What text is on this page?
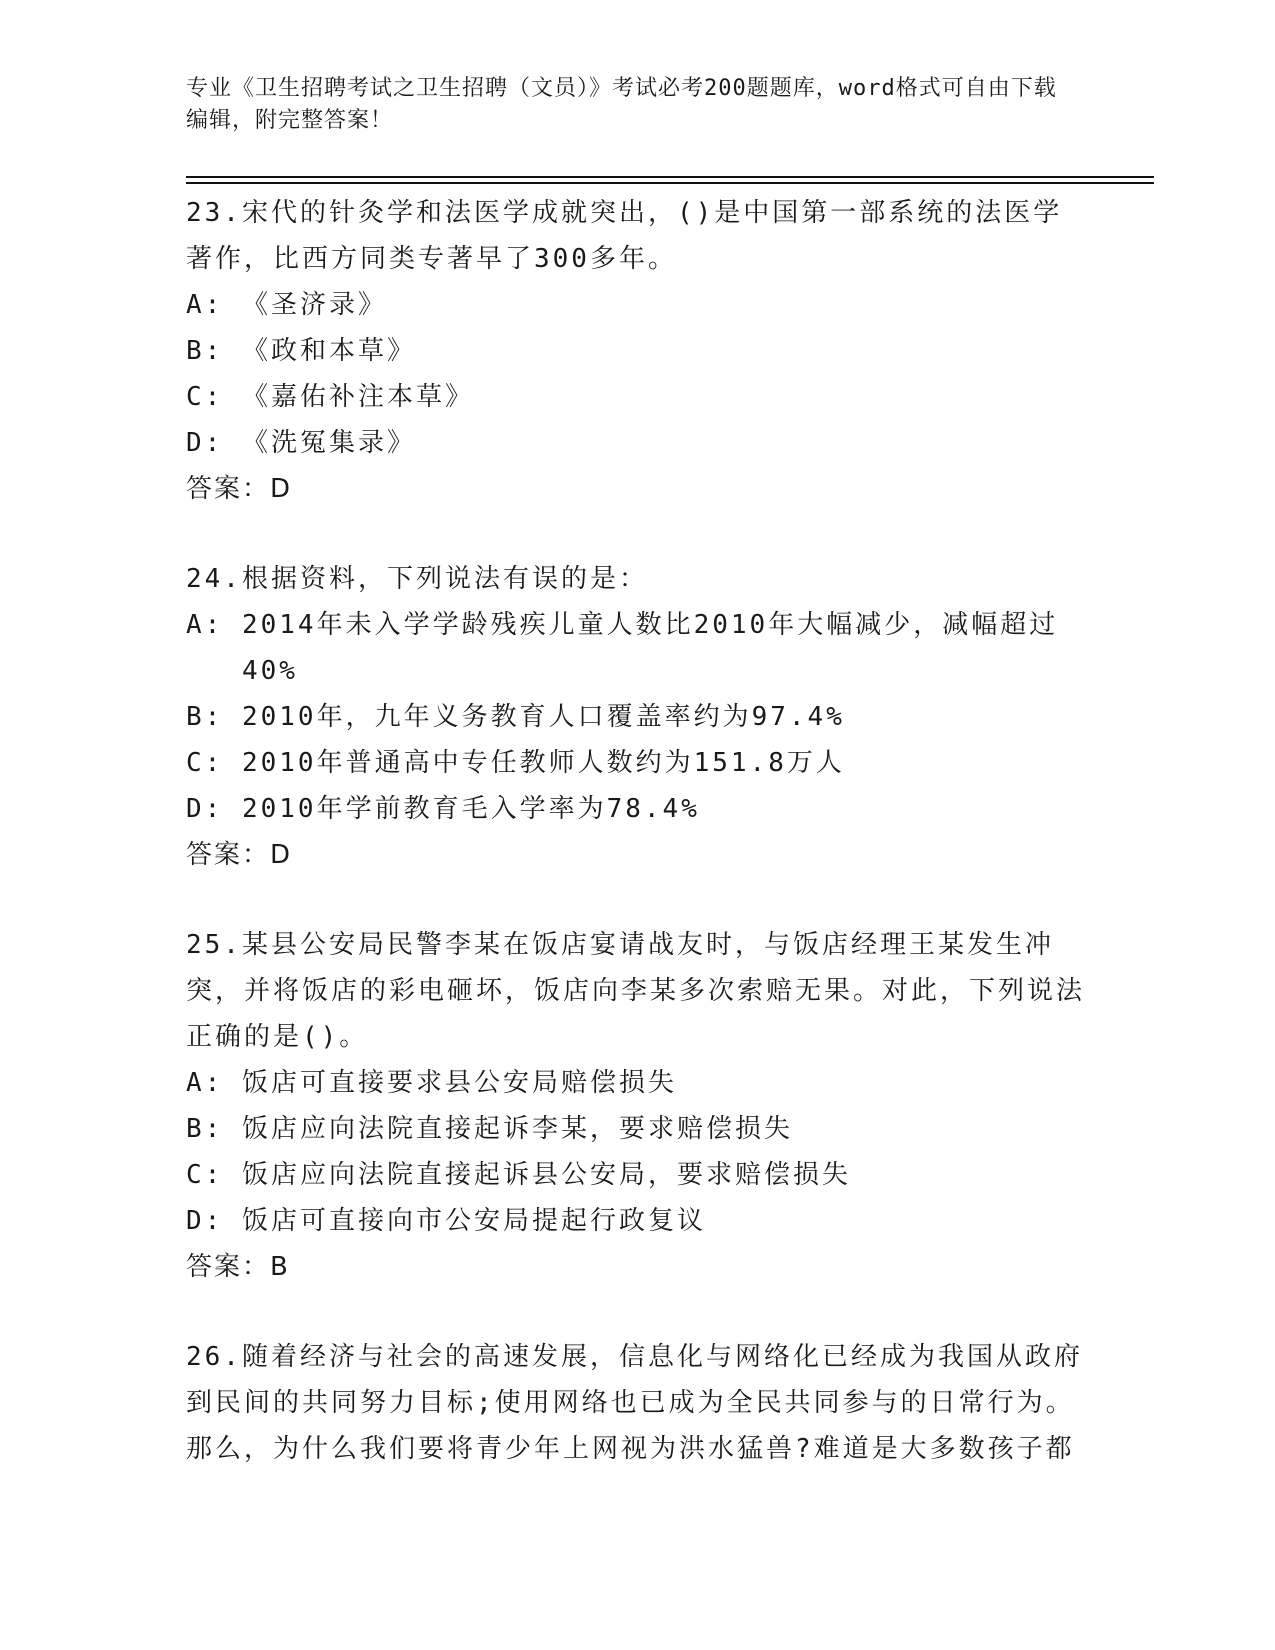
专业《卫生招聘考试之卫生招聘（文员）》考试必考200题题库，word格式可自由下载编辑，附完整答案！

23.宋代的针灸学和法医学成就突出，()是中国第一部系统的法医学著作，比西方同类专著早了300多年。

A: 《圣济录》

B: 《政和本草》

C: 《嘉佑补注本草》

D: 《洗冤集录》

答案：D

24.根据资料，下列说法有误的是：

A: 2014年未入学学龄残疾儿童人数比2010年大幅减少，减幅超过40%

B: 2010年，九年义务教育人口覆盖率约为97.4%

C: 2010年普通高中专任教师人数约为151.8万人

D: 2010年学前教育毛入学率为78.4%

答案：D

25.某县公安局民警李某在饭店宴请战友时，与饭店经理王某发生冲突，并将饭店的彩电砸坏，饭店向李某多次索赔无果。对此，下列说法正确的是()。

A: 饭店可直接要求县公安局赔偿损失

B: 饭店应向法院直接起诉李某，要求赔偿损失

C: 饭店应向法院直接起诉县公安局，要求赔偿损失

D: 饭店可直接向市公安局提起行政复议

答案：B

26.随着经济与社会的高速发展，信息化与网络化已经成为我国从政府到民间的共同努力目标;使用网络也已成为全民共同参与的日常行为。那么，为什么我们要将青少年上网视为洪水猛兽?难道是大多数孩子都
